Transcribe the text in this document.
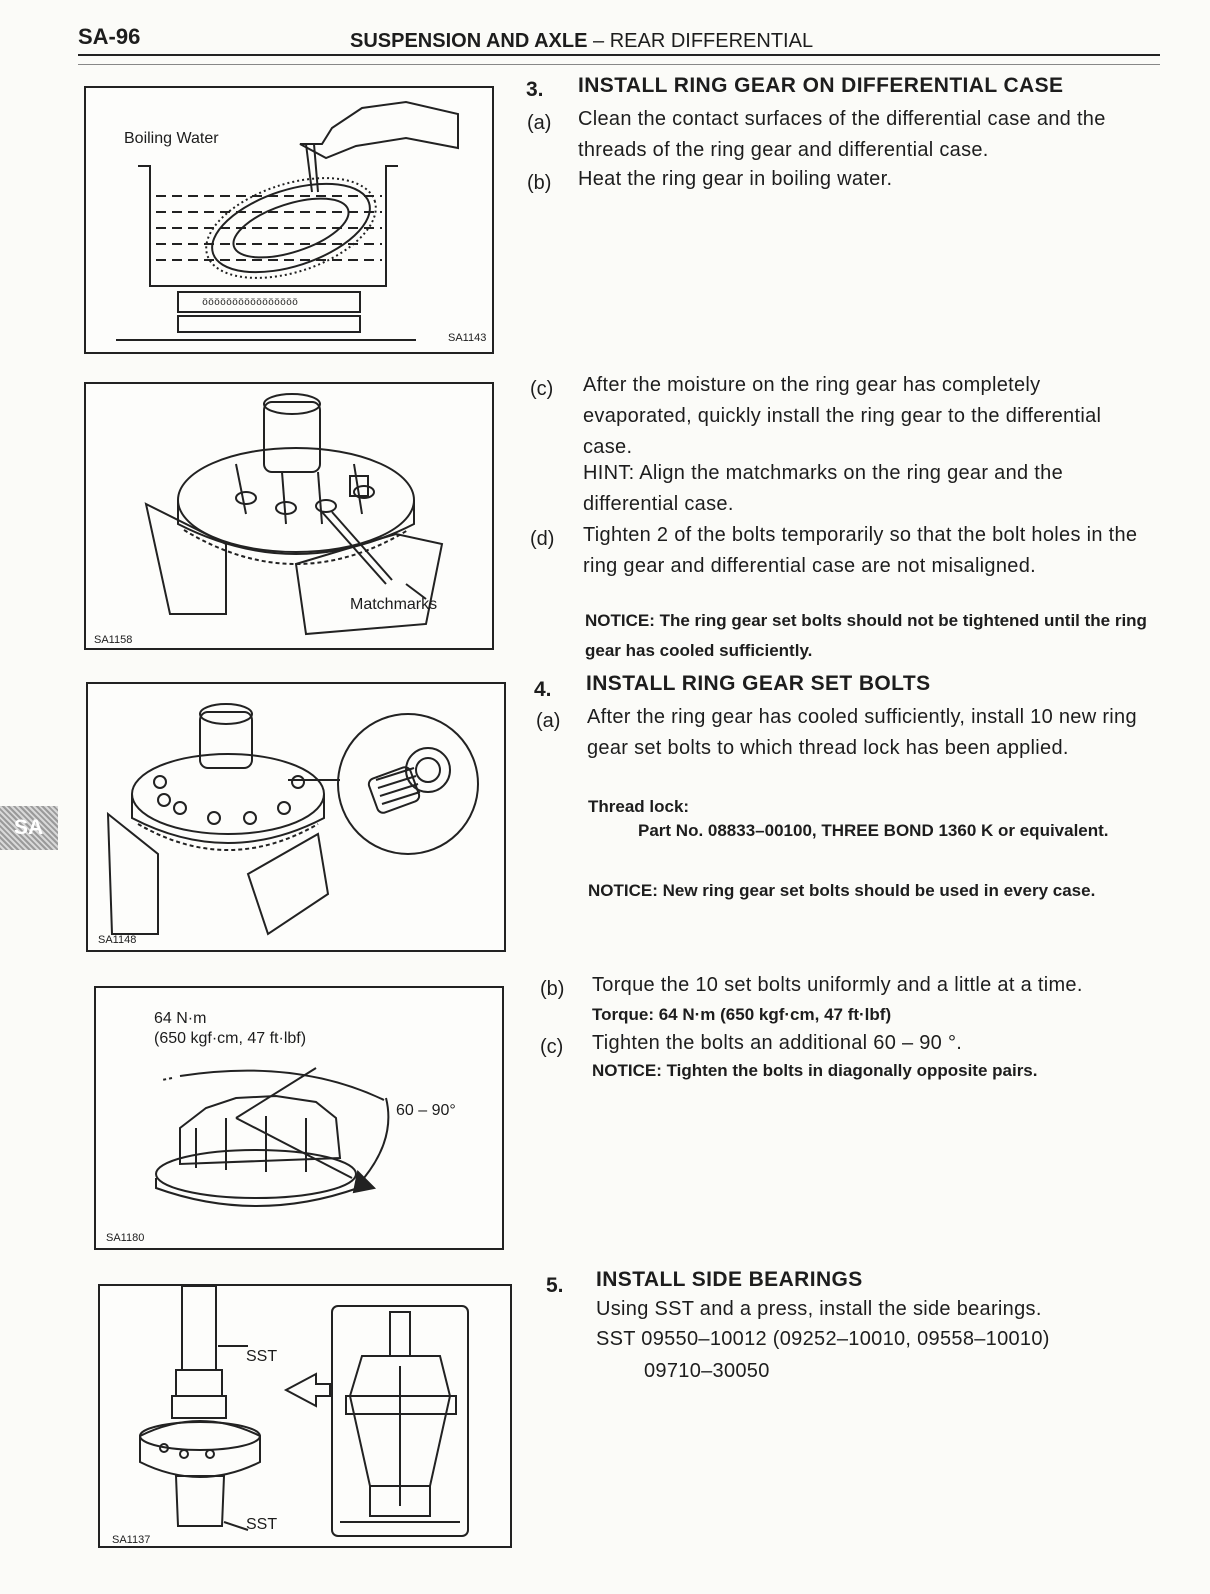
SA-96	SUSPENSION AND AXLE – REAR DIFFERENTIAL
SA
öööööööööööööööö
Boiling Water
SA1143
Matchmarks
SA1158
SA1148
64 N·m
(650 kgf·cm, 47 ft·lbf)
60 – 90°
SA1180
SST
SST
SA1137
3. INSTALL RING GEAR ON DIFFERENTIAL CASE
(a) Clean the contact surfaces of the differential case and the threads of the ring gear and differential case.
(b) Heat the ring gear in boiling water.
(c) After the moisture on the ring gear has completely evaporated, quickly install the ring gear to the differential case.
HINT: Align the matchmarks on the ring gear and the differential case.
(d) Tighten 2 of the bolts temporarily so that the bolt holes in the ring gear and differential case are not misaligned.
NOTICE: The ring gear set bolts should not be tightened until the ring gear has cooled sufficiently.
4. INSTALL RING GEAR SET BOLTS
(a) After the ring gear has cooled sufficiently, install 10 new ring gear set bolts to which thread lock has been applied.
Thread lock:
Part No. 08833–00100, THREE BOND 1360 K or equivalent.
NOTICE: New ring gear set bolts should be used in every case.
(b) Torque the 10 set bolts uniformly and a little at a time.
Torque: 64 N·m (650 kgf·cm, 47 ft·lbf)
(c) Tighten the bolts an additional 60 – 90 °.
NOTICE: Tighten the bolts in diagonally opposite pairs.
5. INSTALL SIDE BEARINGS
Using SST and a press, install the side bearings.
SST 09550–10012 (09252–10010, 09558–10010)
09710–30050
